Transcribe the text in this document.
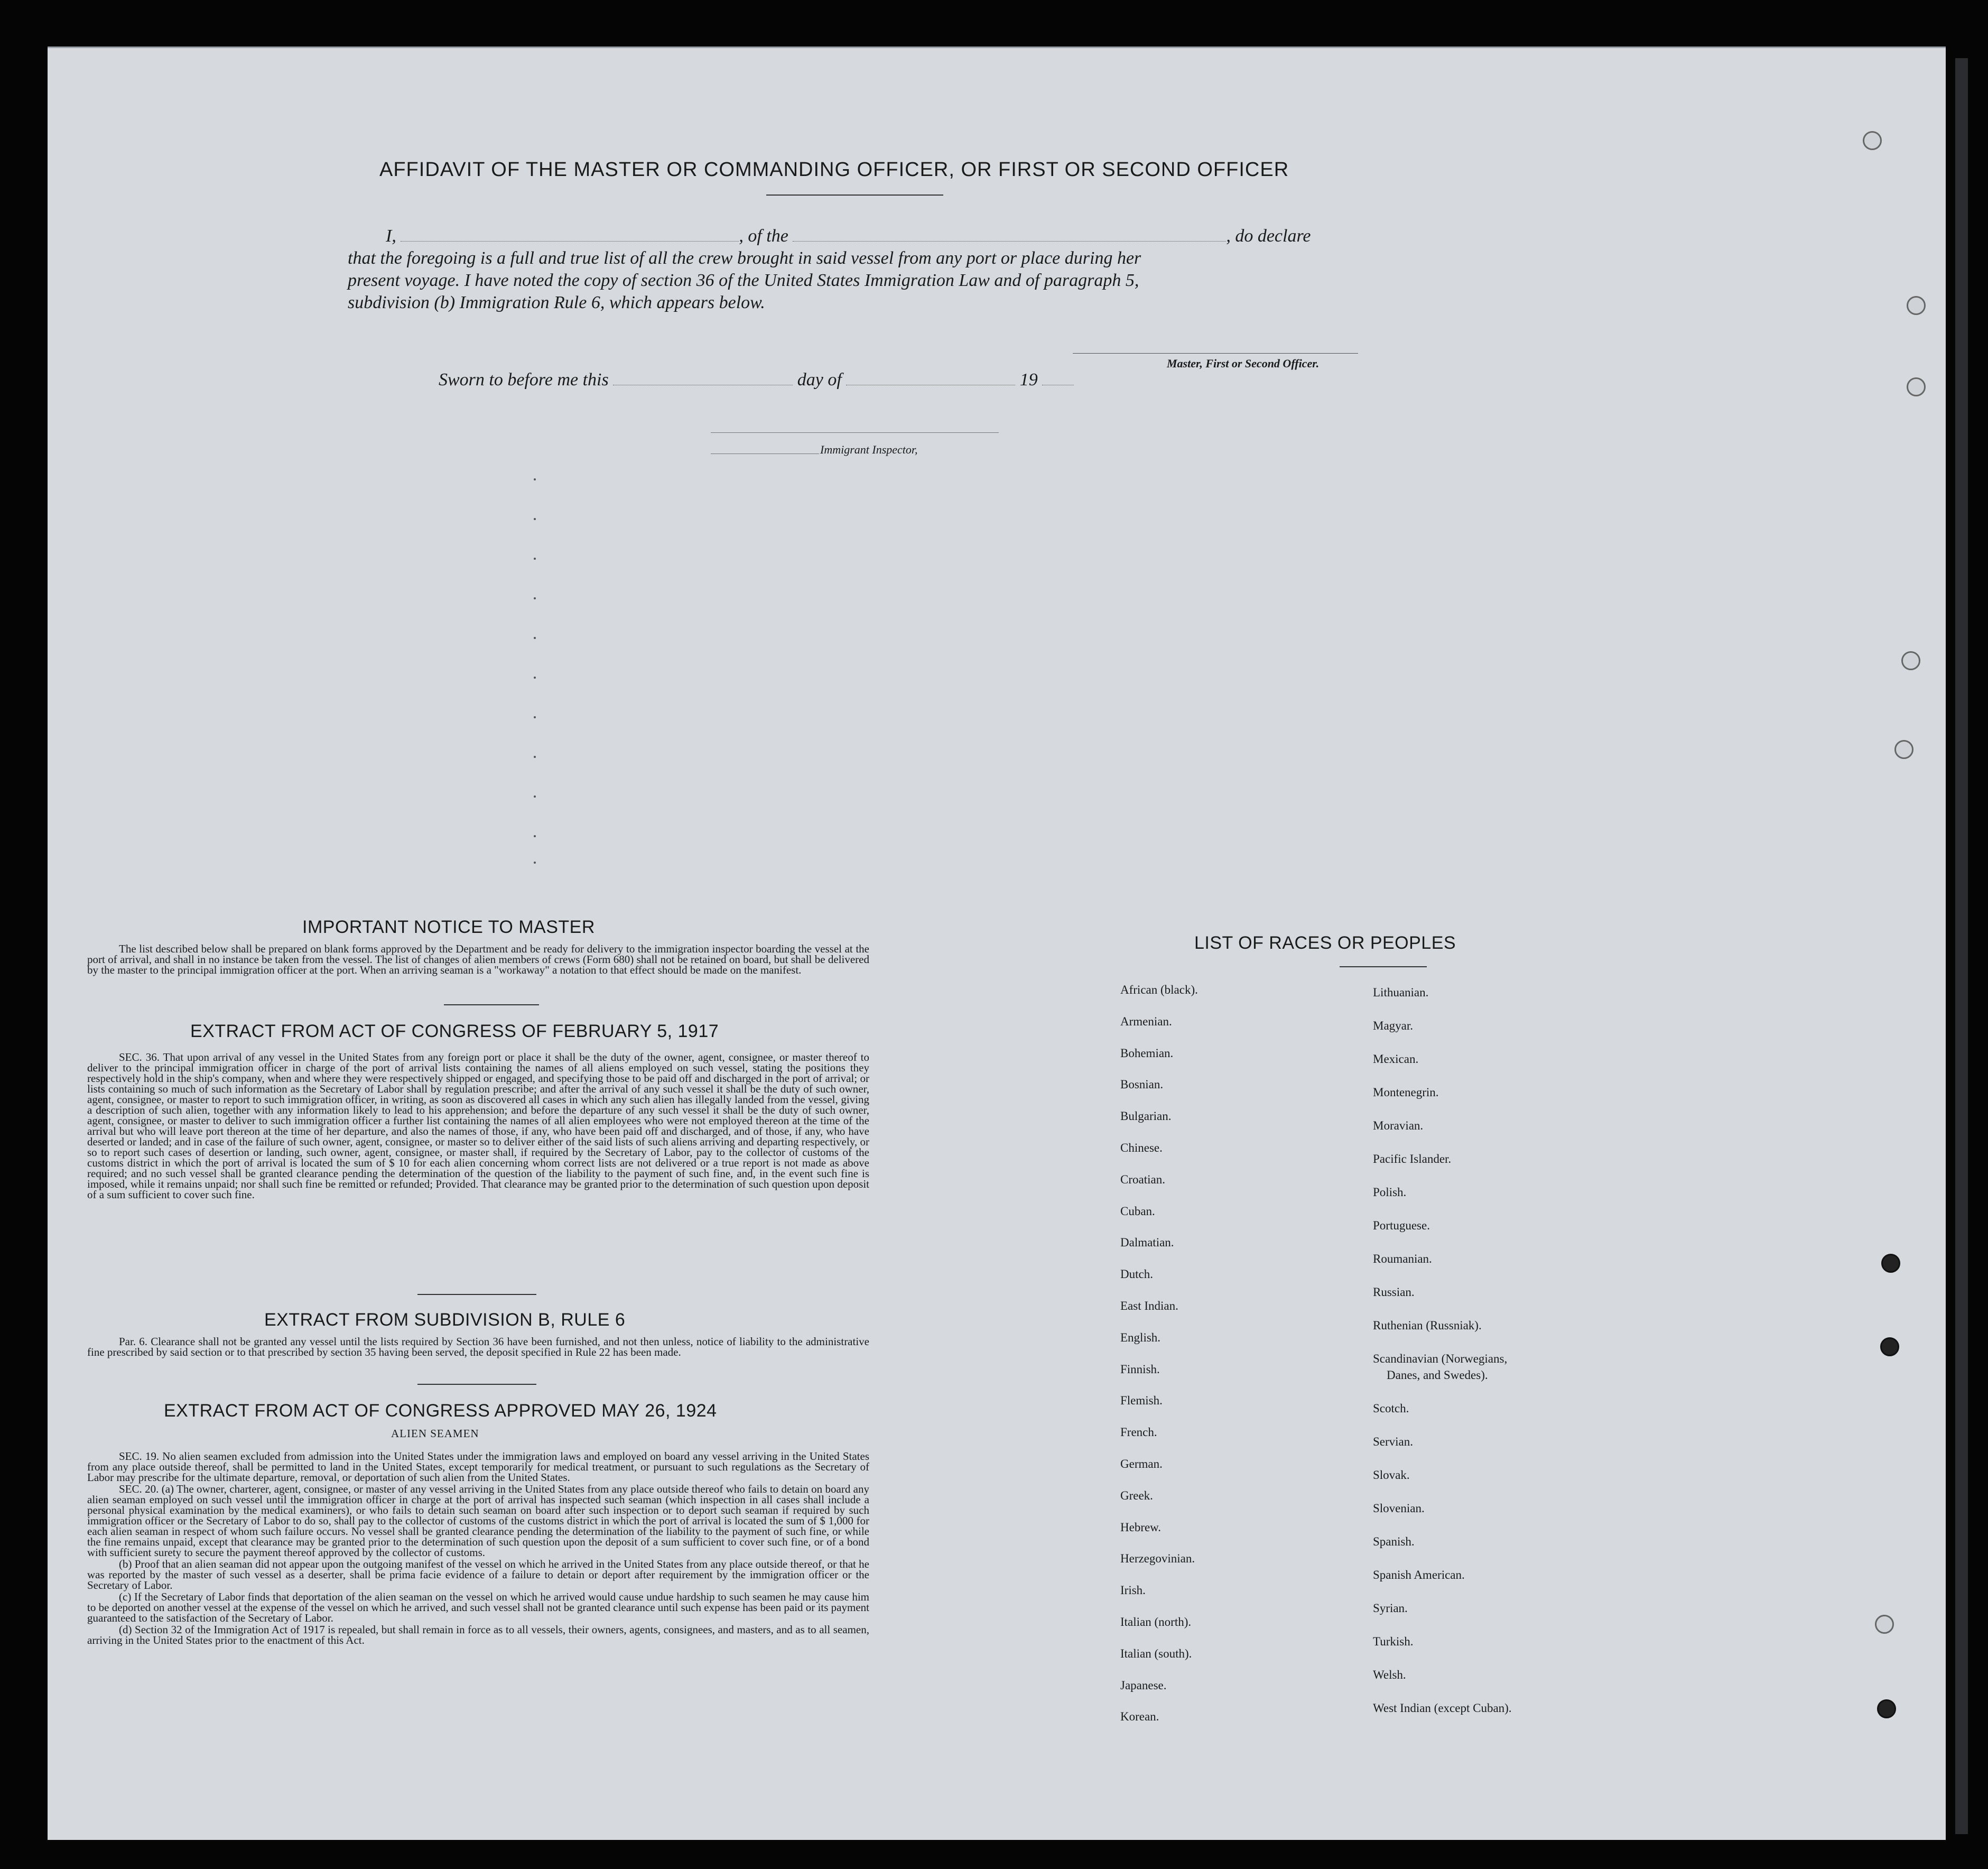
AFFIDAVIT OF THE MASTER OR COMMANDING OFFICER, OR FIRST OR SECOND OFFICER
I,	, of the	, do declare
that the foregoing is a full and true list of all the crew brought in said vessel from any port or place during her
present voyage. I have noted the copy of section 36 of the United States Immigration Law and of paragraph 5,
subdivision (b) Immigration Rule 6, which appears below.
Master, First or Second Officer.
Sworn to before me this	day of	19
Immigrant Inspector,
IMPORTANT NOTICE TO MASTER
The list described below shall be prepared on blank forms approved by the Department and be ready for delivery to the immigration inspector boarding the vessel at the port of arrival, and shall in no instance be taken from the vessel. The list of changes of alien members of crews (Form 680) shall not be retained on board, but shall be delivered by the master to the principal immigration officer at the port. When an arriving seaman is a "workaway" a notation to that effect should be made on the manifest.
EXTRACT FROM ACT OF CONGRESS OF FEBRUARY 5, 1917
SEC. 36. That upon arrival of any vessel in the United States from any foreign port or place it shall be the duty of the owner, agent, consignee, or master thereof to deliver to the principal immigration officer in charge of the port of arrival lists containing the names of all aliens employed on such vessel, stating the positions they respectively hold in the ship's company, when and where they were respectively shipped or engaged, and specifying those to be paid off and discharged in the port of arrival; or lists containing so much of such information as the Secretary of Labor shall by regulation prescribe; and after the arrival of any such vessel it shall be the duty of such owner, agent, consignee, or master to report to such immigration officer, in writing, as soon as discovered all cases in which any such alien has illegally landed from the vessel, giving a description of such alien, together with any information likely to lead to his apprehension; and before the departure of any such vessel it shall be the duty of such owner, agent, consignee, or master to deliver to such immigration officer a further list containing the names of all alien employees who were not employed thereon at the time of the arrival but who will leave port thereon at the time of her departure, and also the names of those, if any, who have been paid off and discharged, and of those, if any, who have deserted or landed; and in case of the failure of such owner, agent, consignee, or master so to deliver either of the said lists of such aliens arriving and departing respectively, or so to report such cases of desertion or landing, such owner, agent, consignee, or master shall, if required by the Secretary of Labor, pay to the collector of customs of the customs district in which the port of arrival is located the sum of $ 10 for each alien concerning whom correct lists are not delivered or a true report is not made as above required; and no such vessel shall be granted clearance pending the determination of the question of the liability to the payment of such fine, and, in the event such fine is imposed, while it remains unpaid; nor shall such fine be remitted or refunded; Provided. That clearance may be granted prior to the determination of such question upon deposit of a sum sufficient to cover such fine.
EXTRACT FROM SUBDIVISION B, RULE 6
Par. 6. Clearance shall not be granted any vessel until the lists required by Section 36 have been furnished, and not then unless, notice of liability to the administrative fine prescribed by said section or to that prescribed by section 35 having been served, the deposit specified in Rule 22 has been made.
EXTRACT FROM ACT OF CONGRESS APPROVED MAY 26, 1924
ALIEN SEAMEN

SEC. 19. No alien seamen excluded from admission into the United States under the immigration laws and employed on board any vessel arriving in the United States from any place outside thereof, shall be permitted to land in the United States, except temporarily for medical treatment, or pursuant to such regulations as the Secretary of Labor may prescribe for the ultimate departure, removal, or deportation of such alien from the United States.

SEC. 20. (a) The owner, charterer, agent, consignee, or master of any vessel arriving in the United States from any place outside thereof who fails to detain on board any alien seaman employed on such vessel until the immigration officer in charge at the port of arrival has inspected such seaman (which inspection in all cases shall include a personal physical examination by the medical examiners), or who fails to detain such seaman on board after such inspection or to deport such seaman if required by such immigration officer or the Secretary of Labor to do so, shall pay to the collector of customs of the customs district in which the port of arrival is located the sum of $ 1,000 for each alien seaman in respect of whom such failure occurs. No vessel shall be granted clearance pending the determination of the liability to the payment of such fine, or while the fine remains unpaid, except that clearance may be granted prior to the determination of such question upon the deposit of a sum sufficient to cover such fine, or of a bond with sufficient surety to secure the payment thereof approved by the collector of customs.

(b) Proof that an alien seaman did not appear upon the outgoing manifest of the vessel on which he arrived in the United States from any place outside thereof, or that he was reported by the master of such vessel as a deserter, shall be prima facie evidence of a failure to detain or deport after requirement by the immigration officer or the Secretary of Labor.

(c) If the Secretary of Labor finds that deportation of the alien seaman on the vessel on which he arrived would cause undue hardship to such seamen he may cause him to be deported on another vessel at the expense of the vessel on which he arrived, and such vessel shall not be granted clearance until such expense has been paid or its payment guaranteed to the satisfaction of the Secretary of Labor.

(d) Section 32 of the Immigration Act of 1917 is repealed, but shall remain in force as to all vessels, their owners, agents, consignees, and masters, and as to all seamen, arriving in the United States prior to the enactment of this Act.

LIST OF RACES OR PEOPLES
African (black).
Armenian.
Bohemian.
Bosnian.
Bulgarian.
Chinese.
Croatian.
Cuban.
Dalmatian.
Dutch.
East Indian.
English.
Finnish.
Flemish.
French.
German.
Greek.
Hebrew.
Herzegovinian.
Irish.
Italian (north).
Italian (south).
Japanese.
Korean.
Lithuanian.
Magyar.
Mexican.
Montenegrin.
Moravian.
Pacific Islander.
Polish.
Portuguese.
Roumanian.
Russian.
Ruthenian (Russniak).
Scandinavian (Norwegians,
Danes, and Swedes).
Scotch.
Servian.
Slovak.
Slovenian.
Spanish.
Spanish American.
Syrian.
Turkish.
Welsh.
West Indian (except Cuban).
